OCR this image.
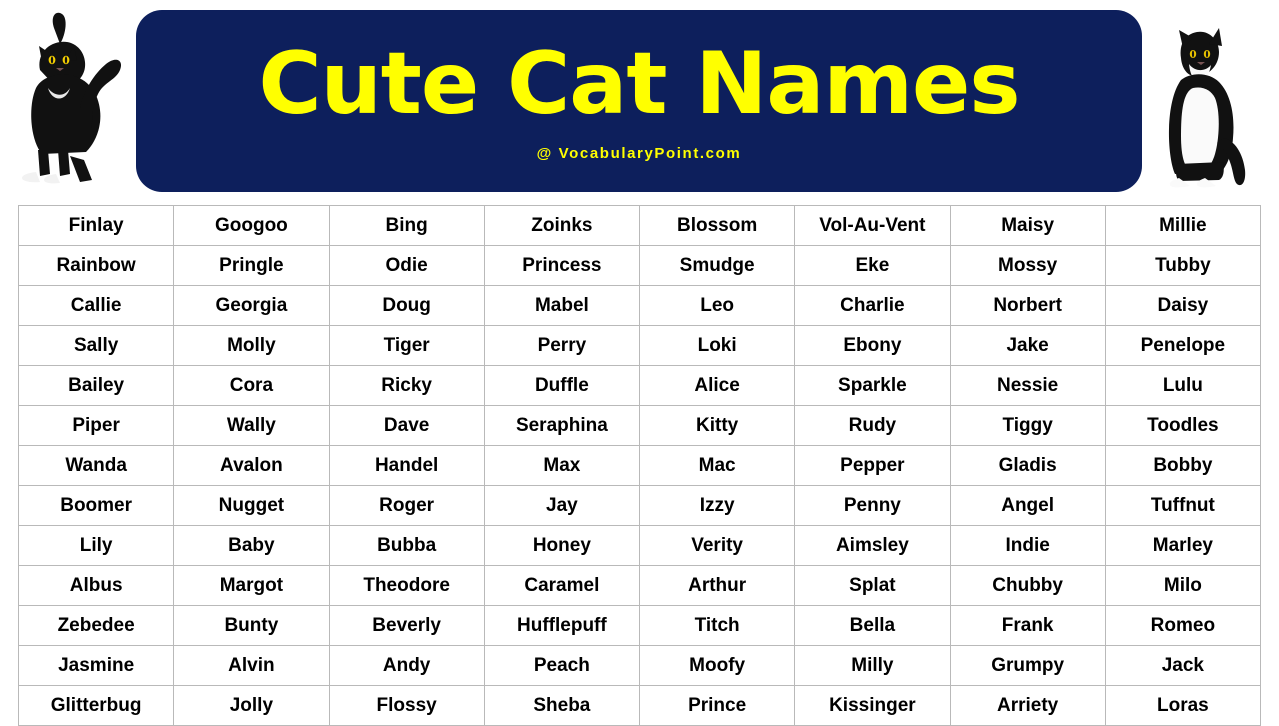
Cute Cat Names
@ VocabularyPoint.com
Finlay	Googoo	Bing	Zoinks	Blossom	Vol-Au-Vent	Maisy	Millie
Rainbow	Pringle	Odie	Princess	Smudge	Eke	Mossy	Tubby
Callie	Georgia	Doug	Mabel	Leo	Charlie	Norbert	Daisy
Sally	Molly	Tiger	Perry	Loki	Ebony	Jake	Penelope
Bailey	Cora	Ricky	Duffle	Alice	Sparkle	Nessie	Lulu
Piper	Wally	Dave	Seraphina	Kitty	Rudy	Tiggy	Toodles
Wanda	Avalon	Handel	Max	Mac	Pepper	Gladis	Bobby
Boomer	Nugget	Roger	Jay	Izzy	Penny	Angel	Tuffnut
Lily	Baby	Bubba	Honey	Verity	Aimsley	Indie	Marley
Albus	Margot	Theodore	Caramel	Arthur	Splat	Chubby	Milo
Zebedee	Bunty	Beverly	Hufflepuff	Titch	Bella	Frank	Romeo
Jasmine	Alvin	Andy	Peach	Moofy	Milly	Grumpy	Jack
Glitterbug	Jolly	Flossy	Sheba	Prince	Kissinger	Arriety	Loras
